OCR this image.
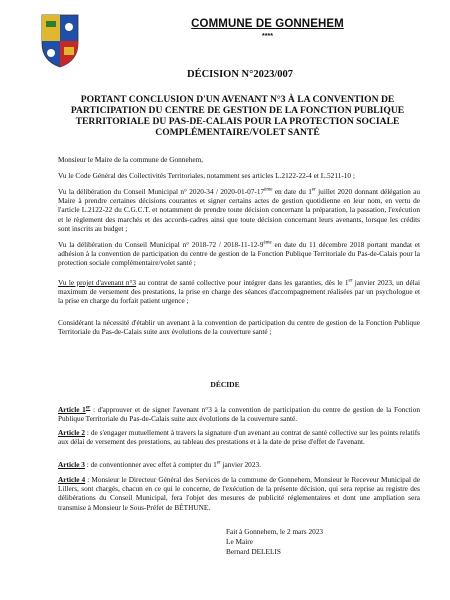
COMMUNE DE GONNEHEM
****
DÉCISION N°2023/007
PORTANT CONCLUSION D'UN AVENANT N°3 À LA CONVENTION DE PARTICIPATION DU CENTRE DE GESTION DE LA FONCTION PUBLIQUE TERRITORIALE DU PAS-DE-CALAIS POUR LA PROTECTION SOCIALE COMPLÉMENTAIRE/VOLET SANTÉ

Monsieur le Maire de la commune de Gonnehem,

Vu le Code Général des Collectivités Territoriales, notamment ses articles L.2122-22-4 et L.5211-10 ;

Vu la délibération du Conseil Municipal n° 2020-34 / 2020-01-07-17ème en date du 1er juillet 2020 donnant délégation au Maire à prendre certaines décisions courantes et signer certains actes de gestion quotidienne en leur nom, en vertu de l'article L.2122-22 du C.G.C.T. et notamment de prendre toute décision concernant la préparation, la passation, l'exécution et le règlement des marchés et des accords-cadres ainsi que toute décision concernant leurs avenants, lorsque les crédits sont inscrits au budget ;

Vu la délibération du Conseil Municipal n° 2018-72 / 2018-11-12-9ème en date du 11 décembre 2018 portant mandat et adhésion à la convention de participation du centre de gestion de la Fonction Publique Territoriale du Pas-de-Calais pour la protection sociale complémentaire/volet santé ;

Vu le projet d'avenant n°3 au contrat de santé collective pour intégrer dans les garanties, dès le 1er janvier 2023, un délai maximum de versement des prestations, la prise en charge des séances d'accompagnement réalisées par un psychologue et la prise en charge du forfait patient urgence ;

Considérant la nécessité d'établir un avenant à la convention de participation du centre de gestion de la Fonction Publique Territoriale du Pas-de-Calais suite aux évolutions de la couverture santé ;

DÉCIDE

Article 1er : d'approuver et de signer l'avenant n°3 à la convention de participation du centre de gestion de la Fonction Publique Territoriale du Pas-de-Calais suite aux évolutions de la couverture santé.

Article 2 : de s'engager mutuellement à travers la signature d'un avenant au contrat de santé collective sur les points relatifs aux délai de versement des prestations, au tableau des prestations et à la date de prise d'effet de l'avenant.

Article 3 : de conventionner avec effet à compter du 1er janvier 2023.

Article 4 : Monsieur le Directeur Général des Services de la commune de Gonnehem, Monsieur le Receveur Municipal de Lillers, sont chargés, chacun en ce qui le concerne, de l'exécution de la présente décision, qui sera reprise au registre des délibérations du Conseil Municipal, fera l'objet des mesures de publicité réglementaires et dont une ampliation sera transmise à Monsieur le Sous-Préfet de BÉTHUNE.

Fait à Gonnehem, le 2 mars 2023
Le Maire
Bernard DELELIS
